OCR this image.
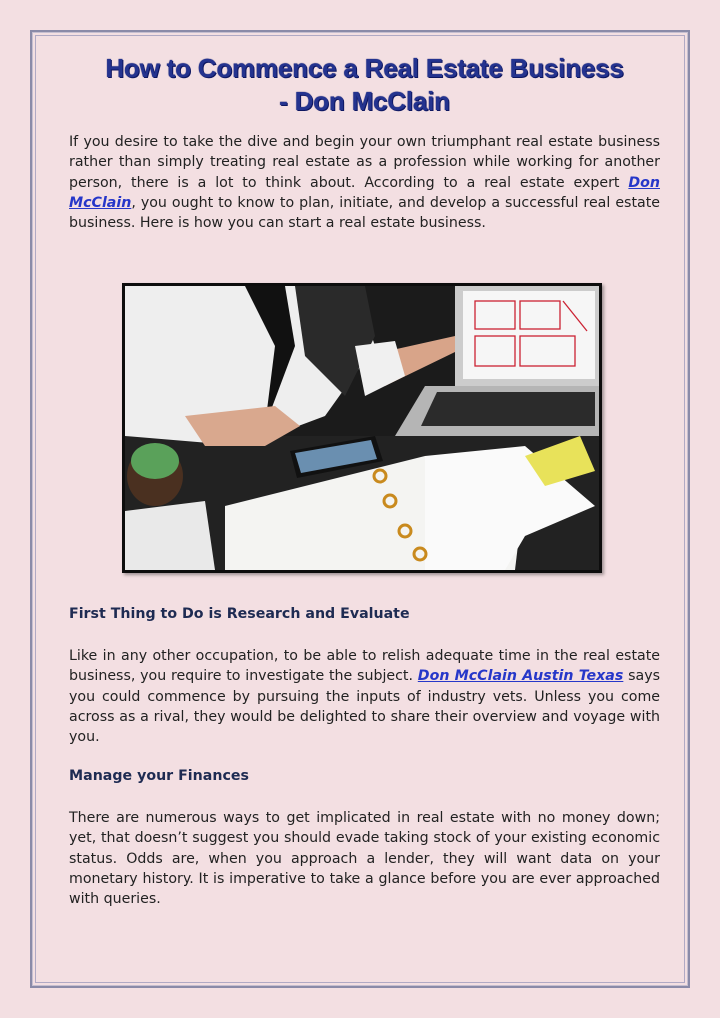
How to Commence a Real Estate Business
- Don McClain

If you desire to take the dive and begin your own triumphant real estate business rather than simply treating real estate as a profession while working for another person, there is a lot to think about. According to a real estate expert Don McClain, you ought to know to plan, initiate, and develop a successful real estate business. Here is how you can start a real estate business.

First Thing to Do is Research and Evaluate

Like in any other occupation, to be able to relish adequate time in the real estate business, you require to investigate the subject. Don McClain Austin Texas says you could commence by pursuing the inputs of industry vets. Unless you come across as a rival, they would be delighted to share their overview and voyage with you.

Manage your Finances

There are numerous ways to get implicated in real estate with no money down; yet, that doesn’t suggest you should evade taking stock of your existing economic status. Odds are, when you approach a lender, they will want data on your monetary history. It is imperative to take a glance before you are ever approached with queries.
